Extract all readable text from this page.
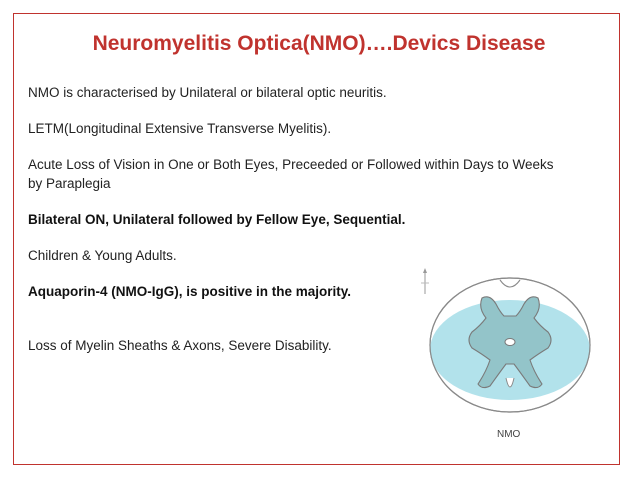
Neuromyelitis Optica(NMO)….Devics Disease
NMO is characterised by Unilateral or bilateral optic neuritis.
LETM(Longitudinal Extensive Transverse Myelitis).
Acute Loss of Vision in One or Both Eyes, Preceeded or Followed within Days to Weeks
by Paraplegia
Bilateral ON, Unilateral followed by Fellow Eye, Sequential.
Children & Young Adults.
Aquaporin-4 (NMO-IgG), is positive in the majority.
Loss of Myelin Sheaths & Axons, Severe Disability.
NMO
